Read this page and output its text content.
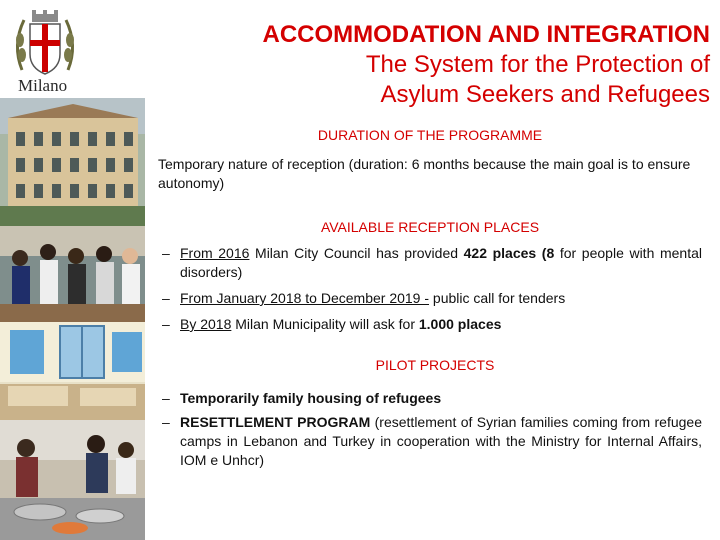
Milano
ACCOMMODATION AND INTEGRATION
The System for the Protection of
Asylum Seekers and Refugees
DURATION OF THE PROGRAMME
Temporary nature of reception (duration: 6 months because the main goal is to ensure autonomy)
AVAILABLE RECEPTION PLACES
– From 2016 Milan City Council has provided 422 places (8 for people with mental disorders)
– From January 2018 to December 2019 - public call for tenders
– By 2018 Milan Municipality will ask for 1.000 places
PILOT PROJECTS
– Temporarily family housing of refugees
– RESETTLEMENT PROGRAM (resettlement of Syrian families coming from refugee camps in Lebanon and Turkey in cooperation with the Ministry for Internal Affairs, IOM e Unhcr)
